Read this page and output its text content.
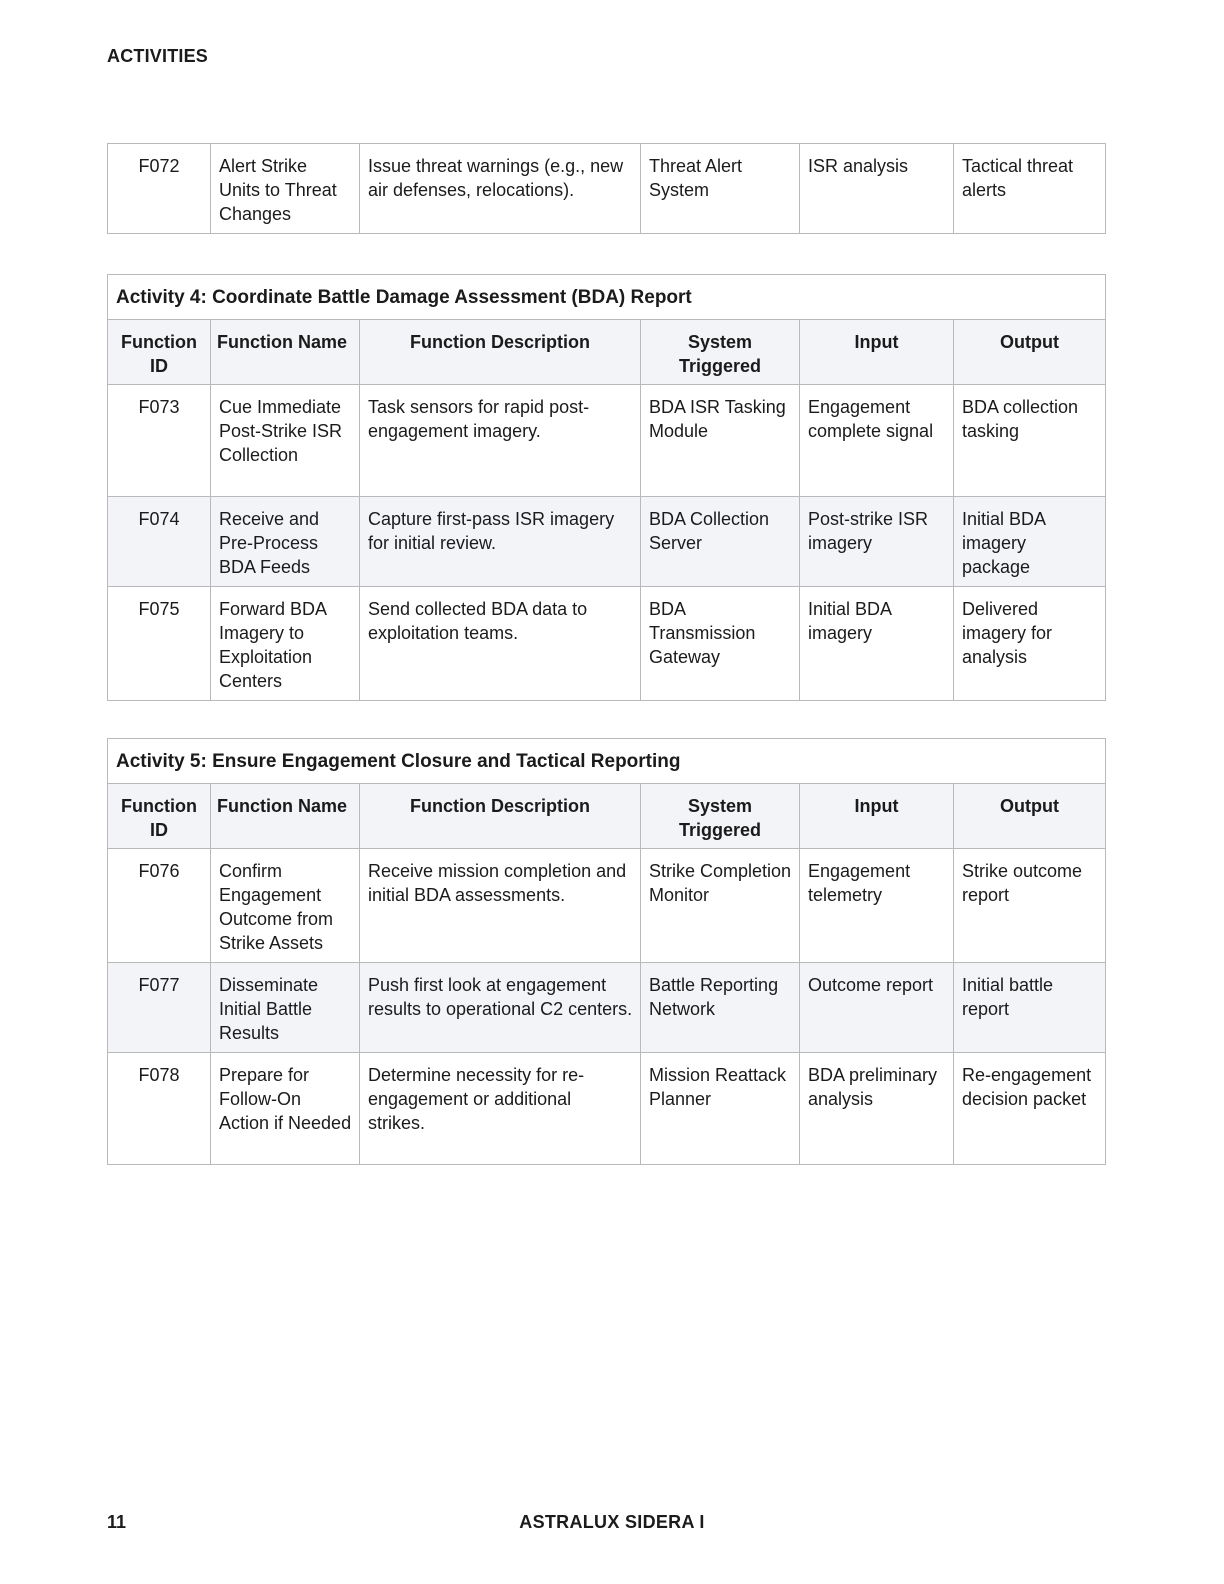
ACTIVITIES
F072	Alert Strike Units to Threat Changes	Issue threat warnings (e.g., new air defenses, relocations).	Threat Alert System	ISR analysis	Tactical threat alerts
Activity 4: Coordinate Battle Damage Assessment (BDA) Report					
Function ID	Function Name	Function Description	System Triggered	Input	Output
F073	Cue Immediate Post-Strike ISR Collection	Task sensors for rapid post-engagement imagery.	BDA ISR Tasking Module	Engagement complete signal	BDA collection tasking
F074	Receive and Pre-Process BDA Feeds	Capture first-pass ISR imagery for initial review.	BDA Collection Server	Post-strike ISR imagery	Initial BDA imagery package
F075	Forward BDA Imagery to Exploitation Centers	Send collected BDA data to exploitation teams.	BDA Transmission Gateway	Initial BDA imagery	Delivered imagery for analysis
Activity 5: Ensure Engagement Closure and Tactical Reporting					
Function ID	Function Name	Function Description	System Triggered	Input	Output
F076	Confirm Engagement Outcome from Strike Assets	Receive mission completion and initial BDA assessments.	Strike Completion Monitor	Engagement telemetry	Strike outcome report
F077	Disseminate Initial Battle Results	Push first look at engagement results to operational C2 centers.	Battle Reporting Network	Outcome report	Initial battle report
F078	Prepare for Follow-On Action if Needed	Determine necessity for re-engagement or additional strikes.	Mission Reattack Planner	BDA preliminary analysis	Re-engagement decision packet
11	ASTRALUX SIDERA I
